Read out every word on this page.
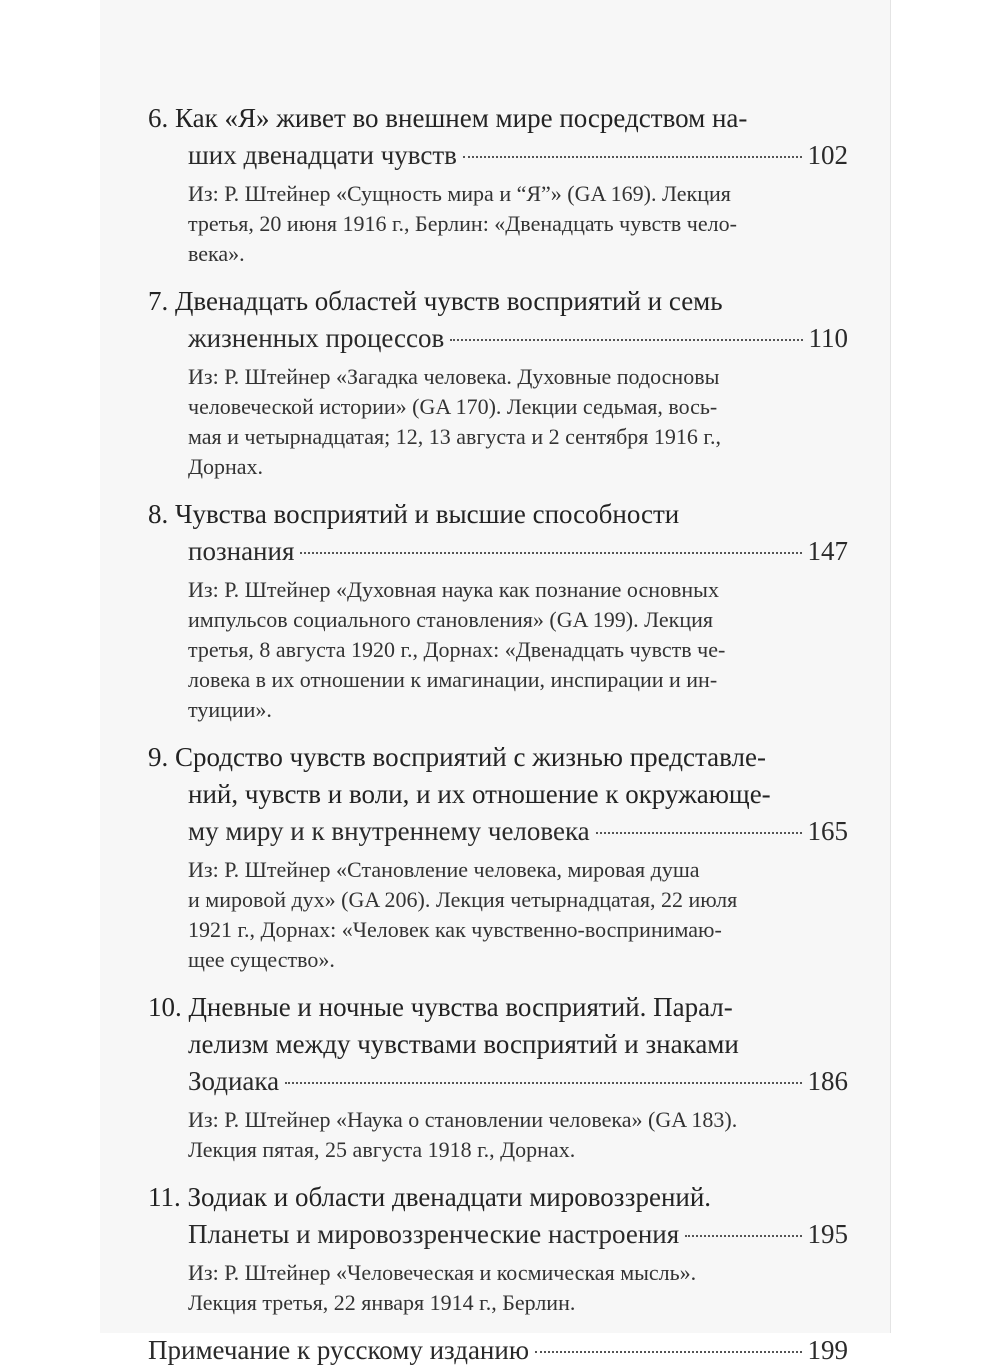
6. Как «Я» живет во внешнем мире посредством на-
ших двенадцати чувств	102
Из: Р. Штейнер «Сущность мира и “Я”» (GA 169). Лекция
третья, 20 июня 1916 г., Берлин: «Двенадцать чувств чело-
века».
7. Двенадцать областей чувств восприятий и семь
жизненных процессов	110
Из: Р. Штейнер «Загадка человека. Духовные подосновы
человеческой истории» (GA 170). Лекции седьмая, вось-
мая и четырнадцатая; 12, 13 августа и 2 сентября 1916 г.,
Дорнах.
8. Чувства восприятий и высшие способности
познания	147
Из: Р. Штейнер «Духовная наука как познание основных
импульсов социального становления» (GA 199). Лекция
третья, 8 августа 1920 г., Дорнах: «Двенадцать чувств че-
ловека в их отношении к имагинации, инспирации и ин-
туиции».
9. Сродство чувств восприятий с жизнью представле-
ний, чувств и воли, и их отношение к окружающе-
му миру и к внутреннему человека	165
Из: Р. Штейнер «Становление человека, мировая душа
и мировой дух» (GA 206). Лекция четырнадцатая, 22 июля
1921 г., Дорнах: «Человек как чувственно-воспринимаю-
щее существо».
10. Дневные и ночные чувства восприятий. Парал-
лелизм между чувствами восприятий и знаками
Зодиака	186
Из: Р. Штейнер «Наука о становлении человека» (GA 183).
Лекция пятая, 25 августа 1918 г., Дорнах.
11. Зодиак и области двенадцати мировоззрений.
Планеты и мировоззренческие настроения	195
Из: Р. Штейнер «Человеческая и космическая мысль».
Лекция третья, 22 января 1914 г., Берлин.
Примечание к русскому изданию	199
